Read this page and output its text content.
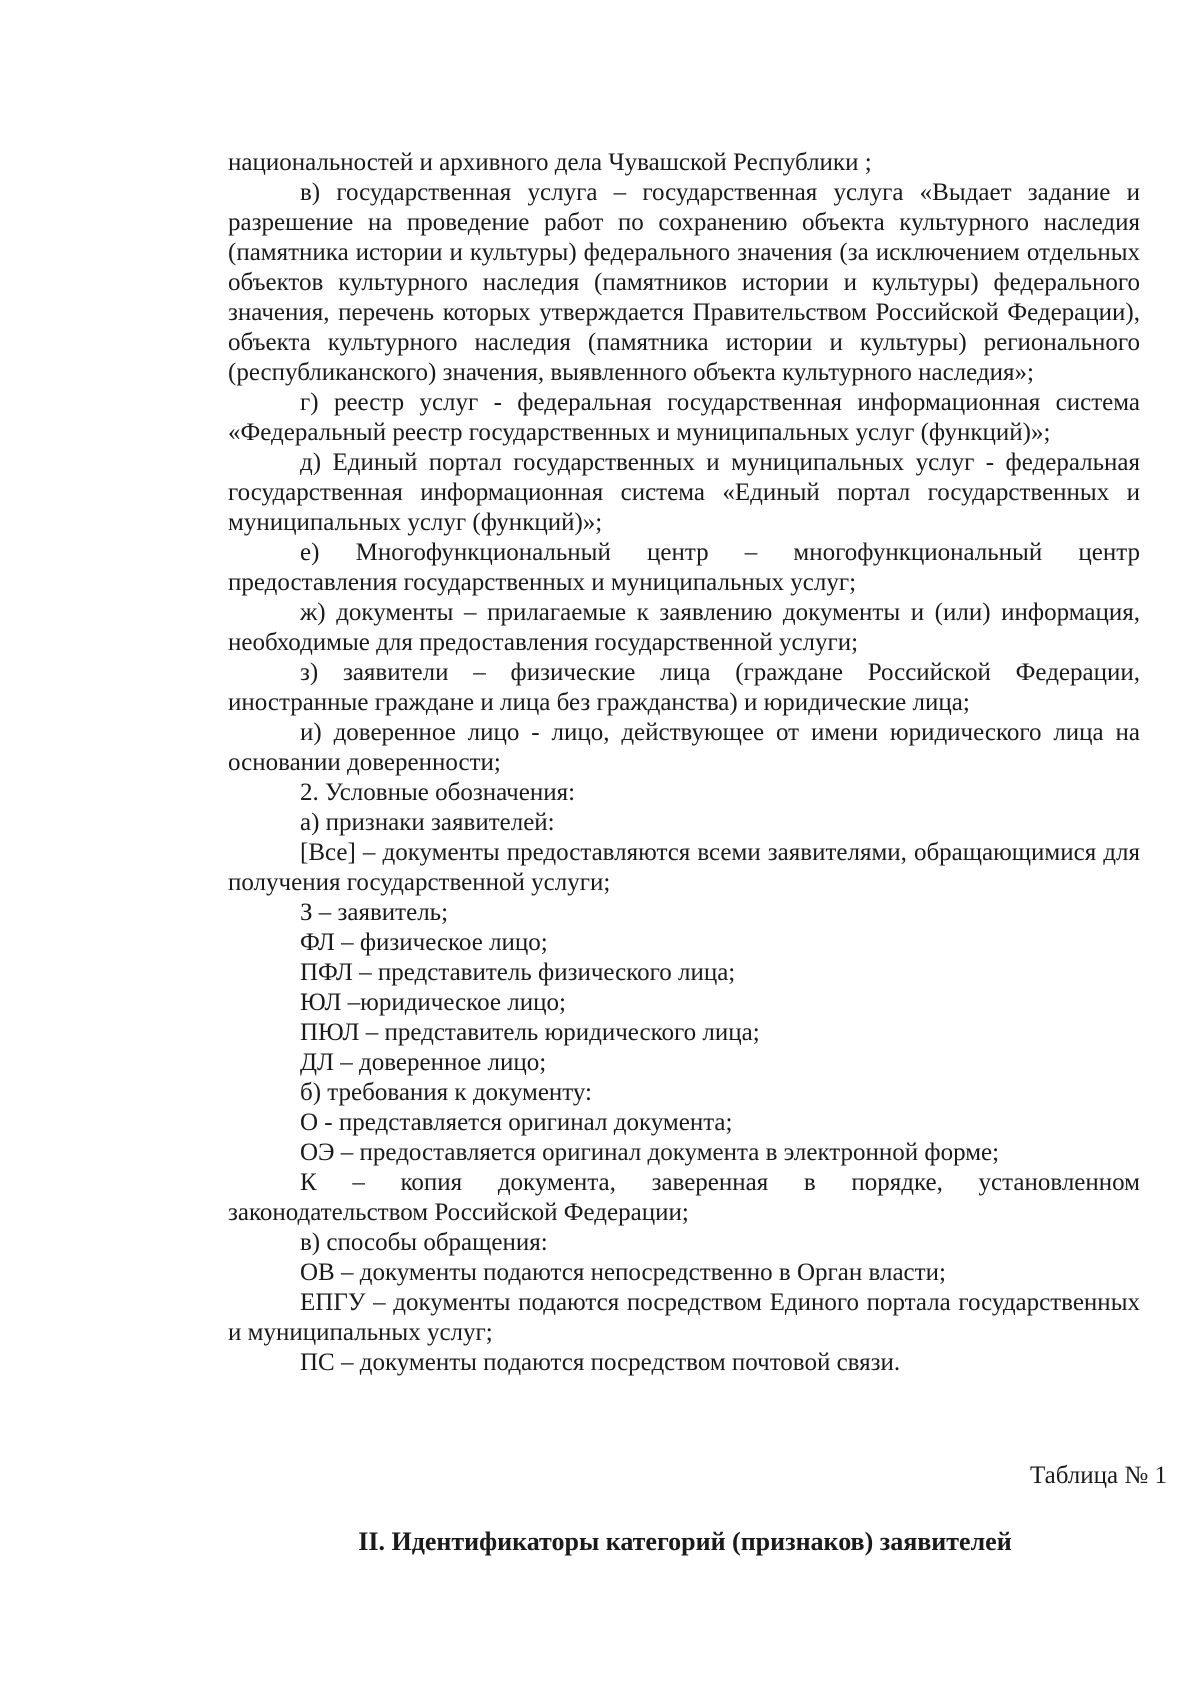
национальностей и архивного дела Чувашской Республики ;

в) государственная услуга – государственная услуга «Выдает задание и разрешение на проведение работ по сохранению объекта культурного наследия (памятника истории и культуры) федерального значения (за исключением отдельных объектов культурного наследия (памятников истории и культуры) федерального значения, перечень которых утверждается Правительством Российской Федерации), объекта культурного наследия (памятника истории и культуры) регионального (республиканского) значения, выявленного объекта культурного наследия»;

г) реестр услуг - федеральная государственная информационная система «Федеральный реестр государственных и муниципальных услуг (функций)»;

д) Единый портал государственных и муниципальных услуг - федеральная государственная информационная система «Единый портал государственных и муниципальных услуг (функций)»;

е) Многофункциональный центр – многофункциональный центр предоставления государственных и муниципальных услуг;

ж) документы – прилагаемые к заявлению документы и (или) информация, необходимые для предоставления государственной услуги;

з) заявители – физические лица (граждане Российской Федерации, иностранные граждане и лица без гражданства) и юридические лица;

и) доверенное лицо - лицо, действующее от имени юридического лица на основании доверенности;

2. Условные обозначения:

а) признаки заявителей:

[Все] – документы предоставляются всеми заявителями, обращающимися для получения государственной услуги;

З – заявитель;

ФЛ – физическое лицо;

ПФЛ – представитель физического лица;

ЮЛ –юридическое лицо;

ПЮЛ – представитель юридического лица;

ДЛ – доверенное лицо;

б) требования к документу:

О - представляется оригинал документа;

ОЭ – предоставляется оригинал документа в электронной форме;

К – копия документа, заверенная в порядке, установленном законодательством Российской Федерации;

в) способы обращения:

ОВ – документы подаются непосредственно в Орган власти;

ЕПГУ – документы подаются посредством Единого портала государственных и муниципальных услуг;

ПС – документы подаются посредством почтовой связи.

Таблица № 1
II. Идентификаторы категорий (признаков) заявителей
